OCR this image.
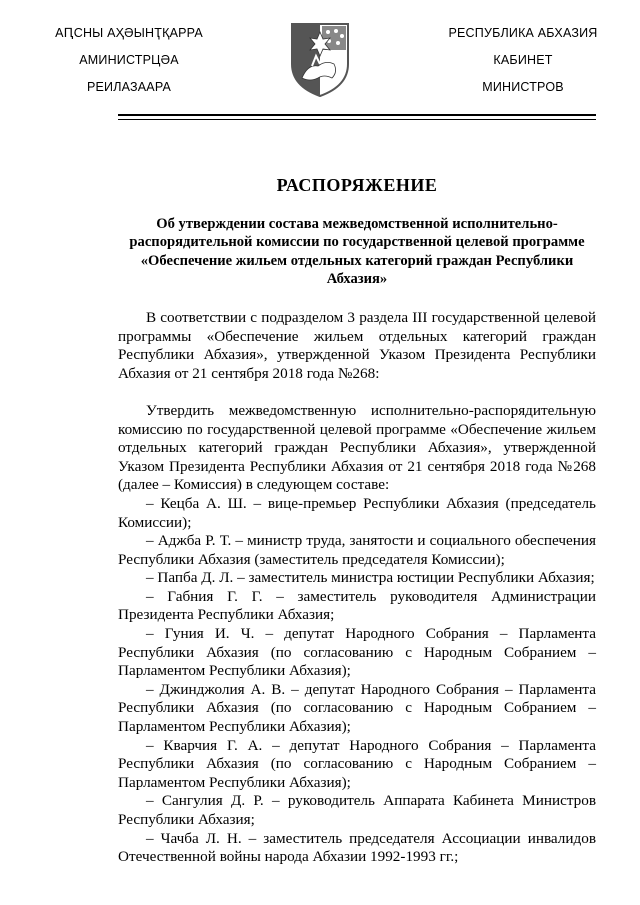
АԤСНЫ АҲӘЫНҬҚАРРА
АМИНИСТРЦӘА
РЕИЛАЗААРА
РЕСПУБЛИКА АБХАЗИЯ
КАБИНЕТ
МИНИСТРОВ

РАСПОРЯЖЕНИЕ

Об утверждении состава межведомственной исполнительно-распорядительной комиссии по государственной целевой программе «Обеспечение жильем отдельных категорий граждан Республики Абхазия»

В соответствии с подразделом 3 раздела III государственной целевой программы «Обеспечение жильем отдельных категорий граждан Республики Абхазия», утвержденной Указом Президента Республики Абхазия от 21 сентября 2018 года №268:

Утвердить межведомственную исполнительно-распорядительную комиссию по государственной целевой программе «Обеспечение жильем отдельных категорий граждан Республики Абхазия», утвержденной Указом Президента Республики Абхазия от 21 сентября 2018 года №268 (далее – Комиссия) в следующем составе:

– Кецба А. Ш. – вице-премьер Республики Абхазия (председатель Комиссии);

– Аджба Р. Т. – министр труда, занятости и социального обеспечения Республики Абхазия (заместитель председателя Комиссии);

– Папба Д. Л. – заместитель министра юстиции Республики Абхазия;

– Габния Г. Г. – заместитель руководителя Администрации Президента Республики Абхазия;

– Гуния И. Ч. – депутат Народного Собрания – Парламента Республики Абхазия (по согласованию с Народным Собранием – Парламентом Республики Абхазия);

– Джинджолия А. В. – депутат Народного Собрания – Парламента Республики Абхазия (по согласованию с Народным Собранием – Парламентом Республики Абхазия);

– Кварчия Г. А. – депутат Народного Собрания – Парламента Республики Абхазия (по согласованию с Народным Собранием – Парламентом Республики Абхазия);

– Сангулия Д. Р. – руководитель Аппарата Кабинета Министров Республики Абхазия;

– Чачба Л. Н. – заместитель председателя Ассоциации инвалидов Отечественной войны народа Абхазии 1992-1993 гг.;
